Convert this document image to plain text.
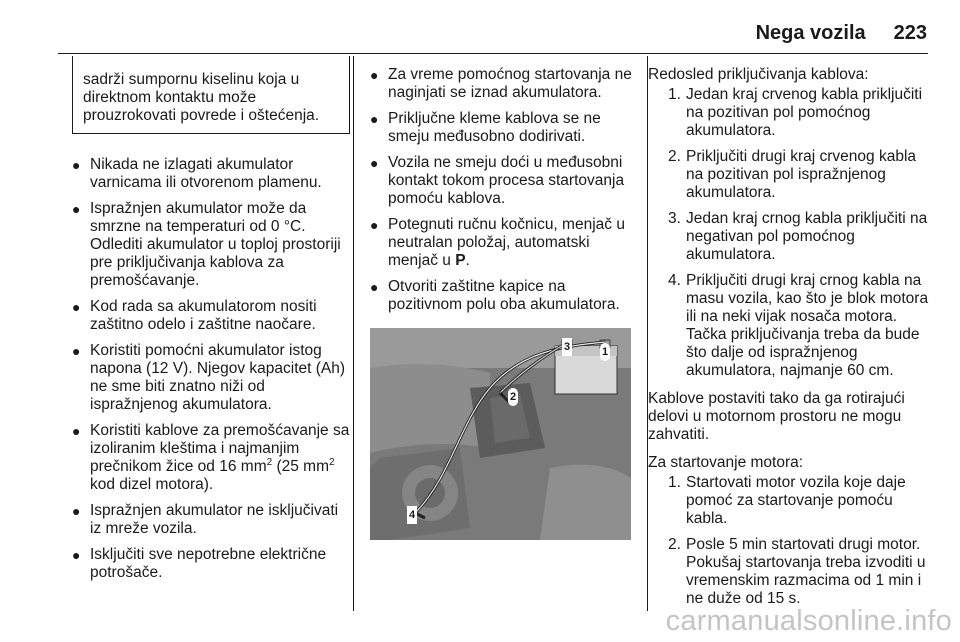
Nega vozila 223

sadrži sumpornu kiselinu koja u direktnom kontaktu može prouzrokovati povrede i oštećenja.

● Nikada ne izlagati akumulator varnicama ili otvorenom plamenu.
● Ispražnjen akumulator može da smrzne na temperaturi od 0 °C. Odlediti akumulator u toploj prostoriji pre priključivanja kablova za premošćavanje.
● Kod rada sa akumulatorom nositi zaštitno odelo i zaštitne naočare.
● Koristiti pomoćni akumulator istog napona (12 V). Njegov kapacitet (Ah) ne sme biti znatno niži od ispražnjenog akumulatora.
● Koristiti kablove za premošćavanje sa izoliranim kleštima i najmanjim prečnikom žice od 16 $mm^2$ (25 $mm^2$ kod dizel motora).
● Ispražnjen akumulator ne isključivati iz mreže vozila.
● Isključiti sve nepotrebne električne potrošače.
● Za vreme pomoćnog startovanja ne naginjati se iznad akumulatora.
● Priključne kleme kablova se ne smeju međusobno dodirivati.
● Vozila ne smeju doći u međusobni kontakt tokom procesa startovanja pomoću kablova.
● Potegnuti ručnu kočnicu, menjač u neutralan položaj, automatski menjač u P.
● Otvoriti zaštitne kapice na pozitivnom polu oba akumulatora.
3	1
2
4

Redosled priključivanja kablova:

1. Jedan kraj crvenog kabla priključiti na pozitivan pol pomoćnog akumulatora.
2. Priključiti drugi kraj crvenog kabla na pozitivan pol ispražnjenog akumulatora.
3. Jedan kraj crnog kabla priključiti na negativan pol pomoćnog akumulatora.
4. Priključiti drugi kraj crnog kabla na masu vozila, kao što je blok motora ili na neki vijak nosača motora. Tačka priključivanja treba da bude što dalje od ispražnjenog akumulatora, najmanje 60 cm.

Kablove postaviti tako da ga rotirajući delovi u motornom prostoru ne mogu zahvatiti.

Za startovanje motora:

1. Startovati motor vozila koje daje pomoć za startovanje pomoću kabla.
2. Posle 5 min startovati drugi motor. Pokušaj startovanja treba izvoditi u vremenskim razmacima od 1 min i ne duže od 15 s.
carmanualsonline.info
